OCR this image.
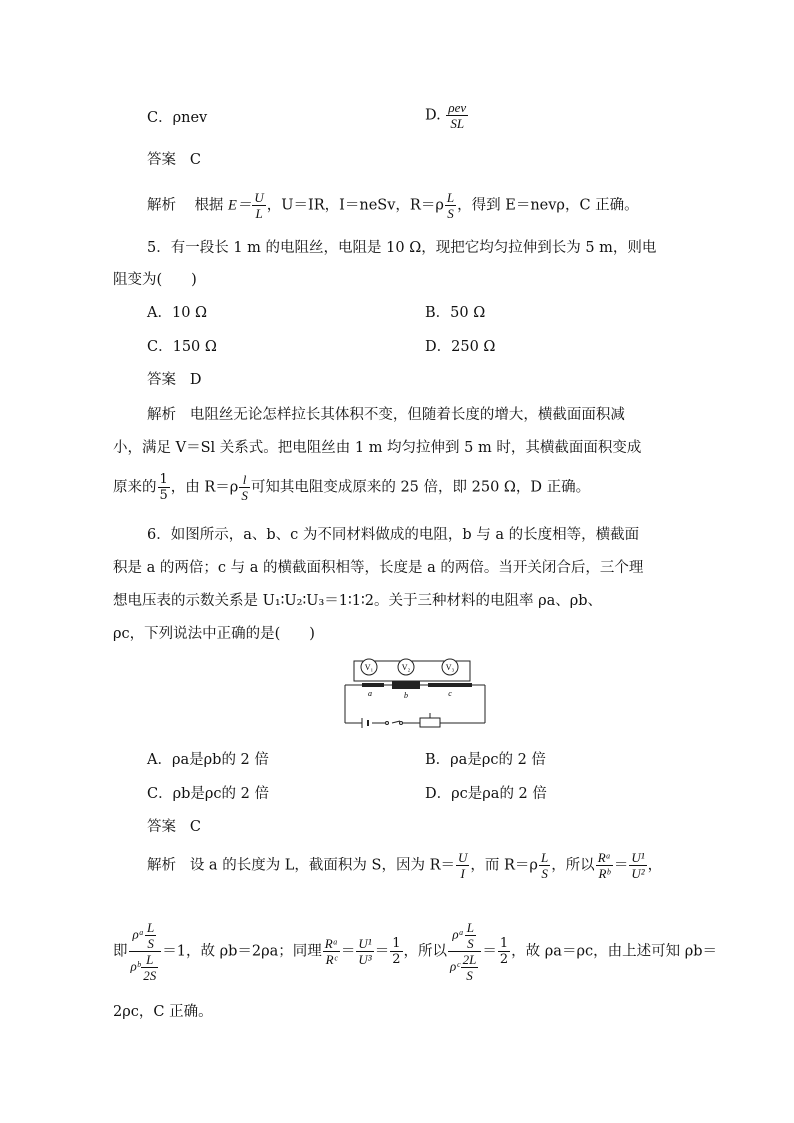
C．ρnev	D. $\frac{\text{ρev}}{SL}$
答案 C
解析 根据 $E= \frac{U}{L}$ ，U＝IR，I＝neSv，$R=\rho \frac{L}{S}$ ，得到 E＝nevρ，C 正确。
5．有一段长 1 m 的电阻丝，电阻是 10 Ω，现把它均匀拉伸到长为 5 m，则电
阻变为(　　)
A．10 Ω	B．50 Ω
C．150 Ω	D．250 Ω
答案 D
解析 电阻丝无论怎样拉长其体积不变，但随着长度的增大，横截面面积减
小，满足 V＝Sl 关系式。把电阻丝由 1 m 均匀拉伸到 5 m 时，其横截面面积变成
原来的 $\frac{1}{5}$ ，由 $R=\rho \frac{l}{S}$ 可知其电阻变成原来的 25 倍，即 250 Ω，D 正确。
6．如图所示，a、b、c 为不同材料做成的电阻，b 与 a 的长度相等，横截面
积是 a 的两倍；c 与 a 的横截面积相等，长度是 a 的两倍。当开关闭合后，三个理
想电压表的示数关系是 U₁∶U₂∶U₃＝1∶1∶2。关于三种材料的电阻率 ρa、ρb、
ρc，下列说法中正确的是(　　)
V₁	V₂	V₃
a	b	c
A．ρa是ρb的 2 倍	B．ρa是ρc的 2 倍
C．ρb是ρc的 2 倍	D．ρc是ρa的 2 倍
答案 C
解析 设 a 的长度为 L，截面积为 S，因为 $R= \frac{U}{I}$ ，而 $R=\rho \frac{L}{S}$ ，所以 $\frac{\text{Rᵃ}}{\text{Rᵇ}} = \frac{\text{U¹}}{\text{U²}}$ ，
即 $\frac{\rho ᵃ \frac{L}{S}}{\rho ᵇ \frac{L}{2S}} =1$，故 ρb＝2ρa；同理 $\frac{\text{Rᵃ}}{\text{Rᶜ}} = \frac{\text{U¹}}{\text{U³}} = \frac{1}{2}$ ，所以 $\frac{\rho ᵃ \frac{L}{S}}{\rho ᶜ \frac{2L}{S}} = \frac{1}{2}$ ，故 ρa＝ρc，由上述可知 ρb＝
2ρc，C 正确。
